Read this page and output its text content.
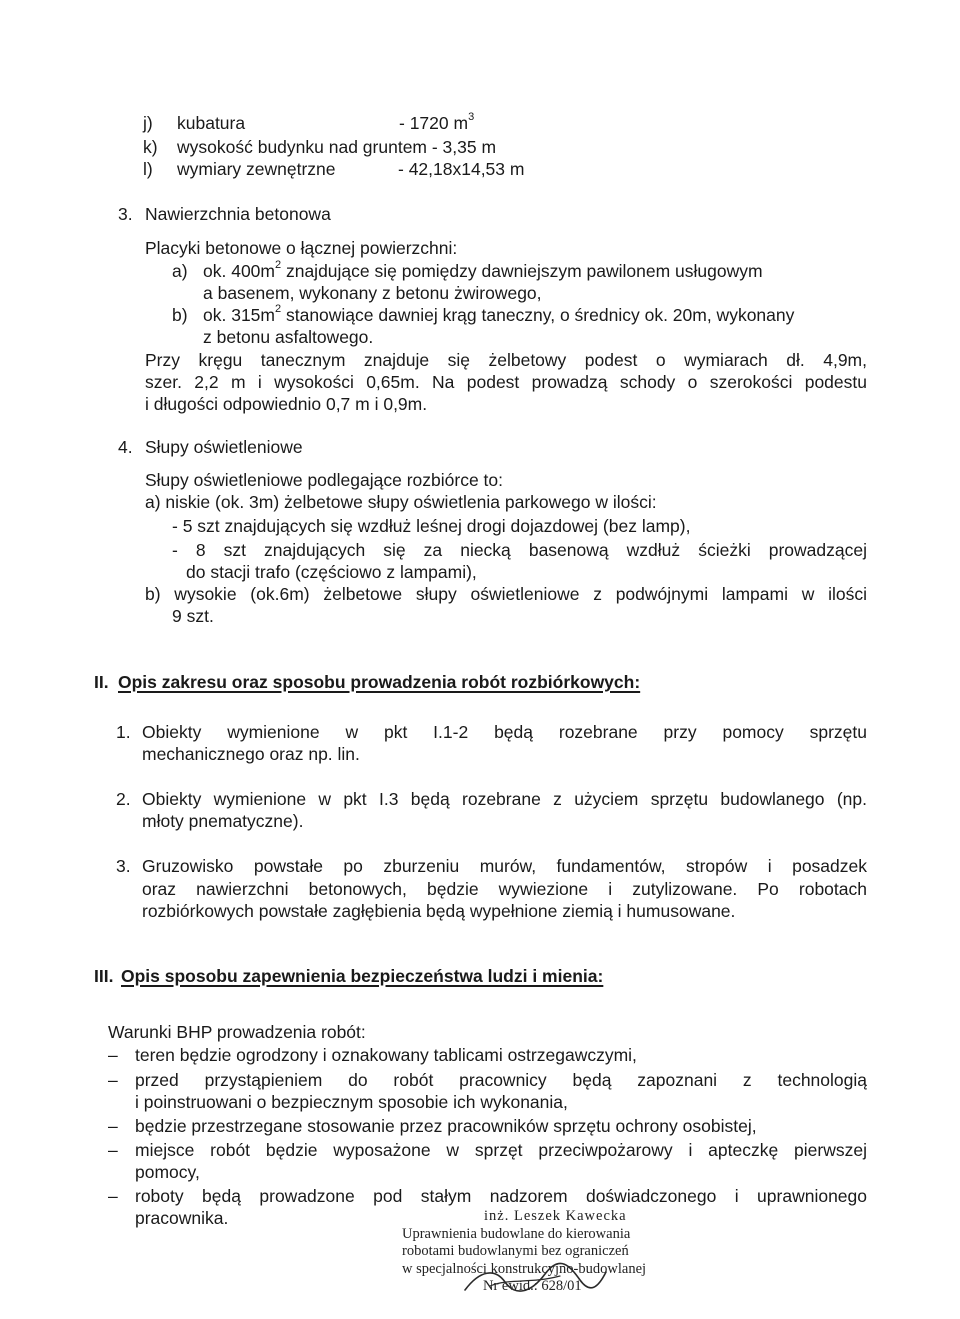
j) kubatura	- 1720 $m^3$
k) wysokość budynku nad gruntem - 3,35 m
l) wymiary zewnętrzne	- 42,18x14,53 m
3. Nawierzchnia betonowa
Placyki betonowe o łącznej powierzchni:
a) ok. $400m^2$ znajdujące się pomiędzy dawniejszym pawilonem usługowym
a basenem, wykonany z betonu żwirowego,
b) ok. $315m^2$ stanowiące dawniej krąg taneczny, o średnicy ok. 20m, wykonany
z betonu asfaltowego.
Przy kręgu tanecznym znajduje się żelbetowy podest o wymiarach dł. 4,9m,
szer. 2,2 m i wysokości 0,65m. Na podest prowadzą schody o szerokości podestu
i długości odpowiednio 0,7 m i 0,9m.
4. Słupy oświetleniowe
Słupy oświetleniowe podlegające rozbiórce to:
a) niskie (ok. 3m) żelbetowe słupy oświetlenia parkowego w ilości:
- 5 szt znajdujących się wzdłuż leśnej drogi dojazdowej (bez lamp),
- 8 szt znajdujących się za niecką basenową wzdłuż ścieżki prowadzącej
do stacji trafo (częściowo z lampami),
b) wysokie (ok.6m) żelbetowe słupy oświetleniowe z podwójnymi lampami w ilości
9 szt.
II. Opis zakresu oraz sposobu prowadzenia robót rozbiórkowych:
1. Obiekty wymienione w pkt I.1-2 będą rozebrane przy pomocy sprzętu
mechanicznego oraz np. lin.
2. Obiekty wymienione w pkt I.3 będą rozebrane z użyciem sprzętu budowlanego (np.
młoty pnematyczne).
3. Gruzowisko powstałe po zburzeniu murów, fundamentów, stropów i posadzek
oraz nawierzchni betonowych, będzie wywiezione i zutylizowane. Po robotach
rozbiórkowych powstałe zagłębienia będą wypełnione ziemią i humusowane.
III. Opis sposobu zapewnienia bezpieczeństwa ludzi i mienia:
Warunki BHP prowadzenia robót:
– teren będzie ogrodzony i oznakowany tablicami ostrzegawczymi,
– przed przystąpieniem do robót pracownicy będą zapoznani z technologią
i poinstruowani o bezpiecznym sposobie ich wykonania,
– będzie przestrzegane stosowanie przez pracowników sprzętu ochrony osobistej,
– miejsce robót będzie wyposażone w sprzęt przeciwpożarowy i apteczkę pierwszej
pomocy,
– roboty będą prowadzone pod stałym nadzorem doświadczonego i uprawnionego
pracownika.	inż. Leszek Kawecka
Uprawnienia budowlane do kierowania
robotami budowlanymi bez ograniczeń
w specjalności konstrukcyjno-budowlanej
Nr ewid.: 628/01
